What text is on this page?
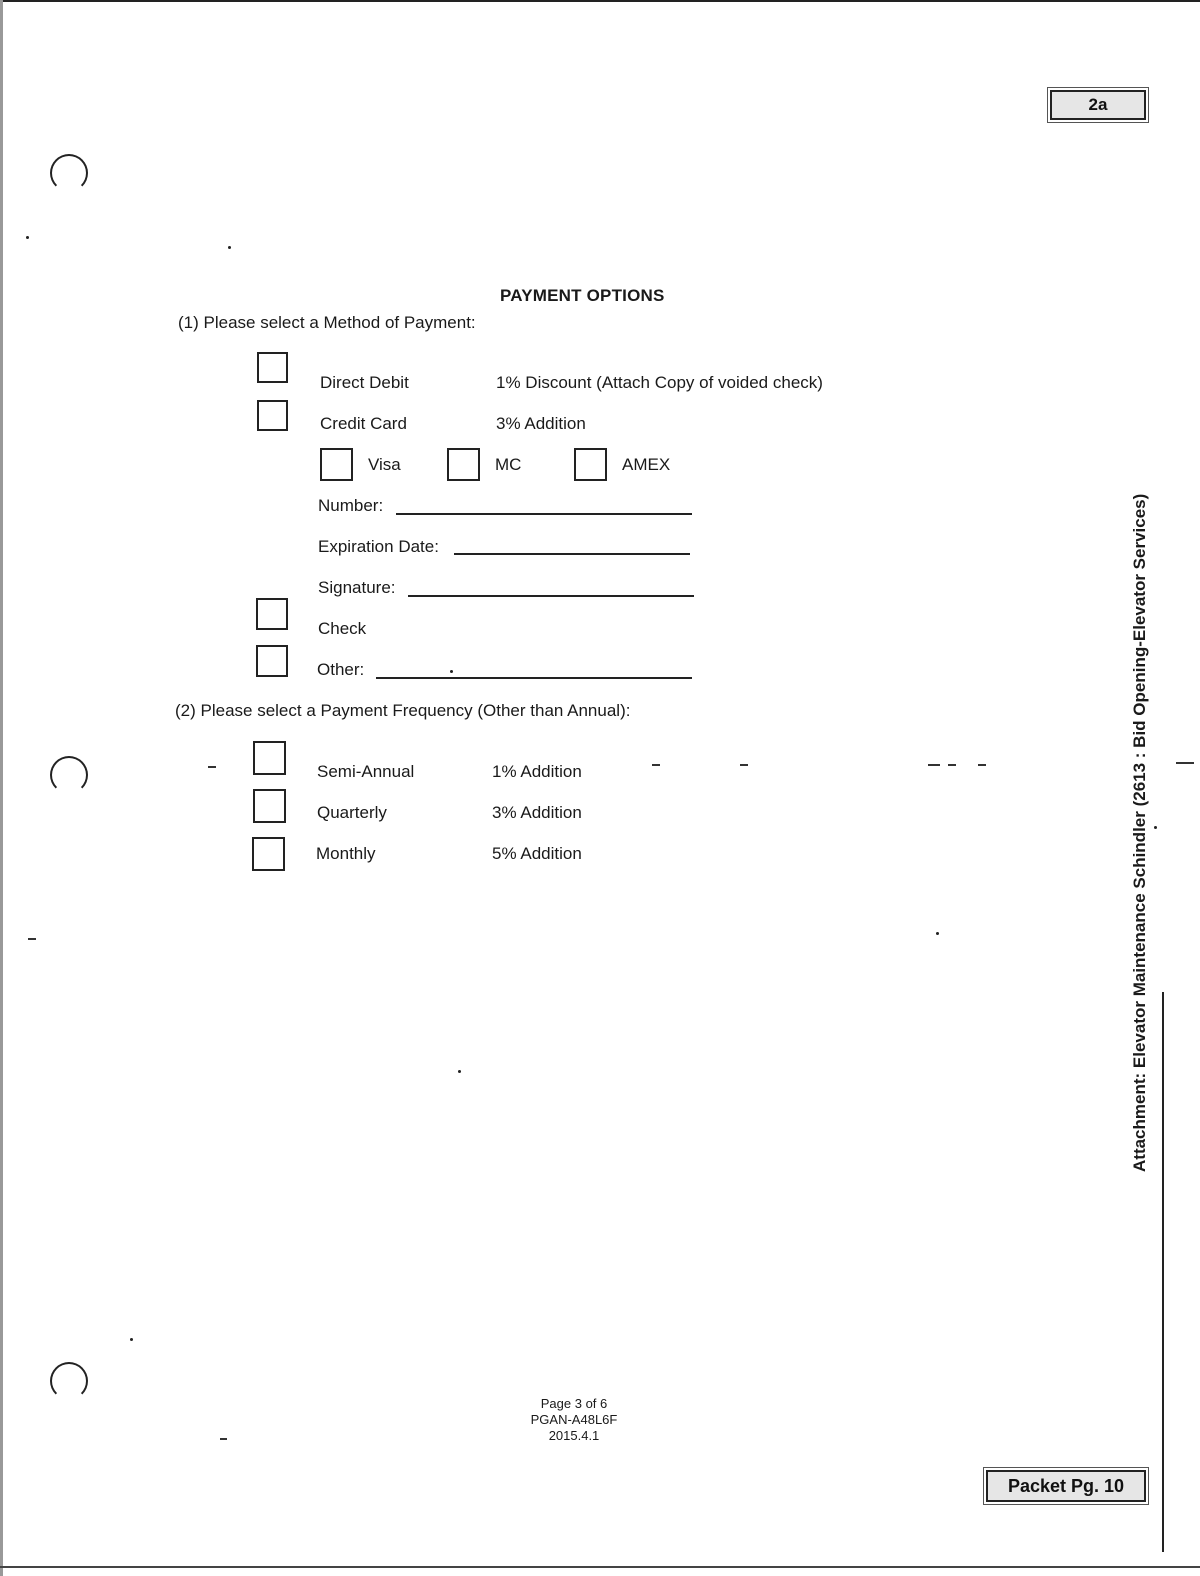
2a
Packet Pg. 10
PAYMENT OPTIONS
(1) Please select a Method of Payment:
Direct Debit	1% Discount (Attach Copy of voided check)
Credit Card	3% Addition
Visa	MC	AMEX
Number:
Expiration Date:
Signature:
Check
Other:
(2) Please select a Payment Frequency (Other than Annual):
Semi-Annual	1% Addition
Quarterly	3% Addition
Monthly	5% Addition	Attachment: Elevator Maintenance Schindler (2613 : Bid Opening-Elevator Services)
Page 3 of 6
PGAN-A48L6F
2015.4.1
